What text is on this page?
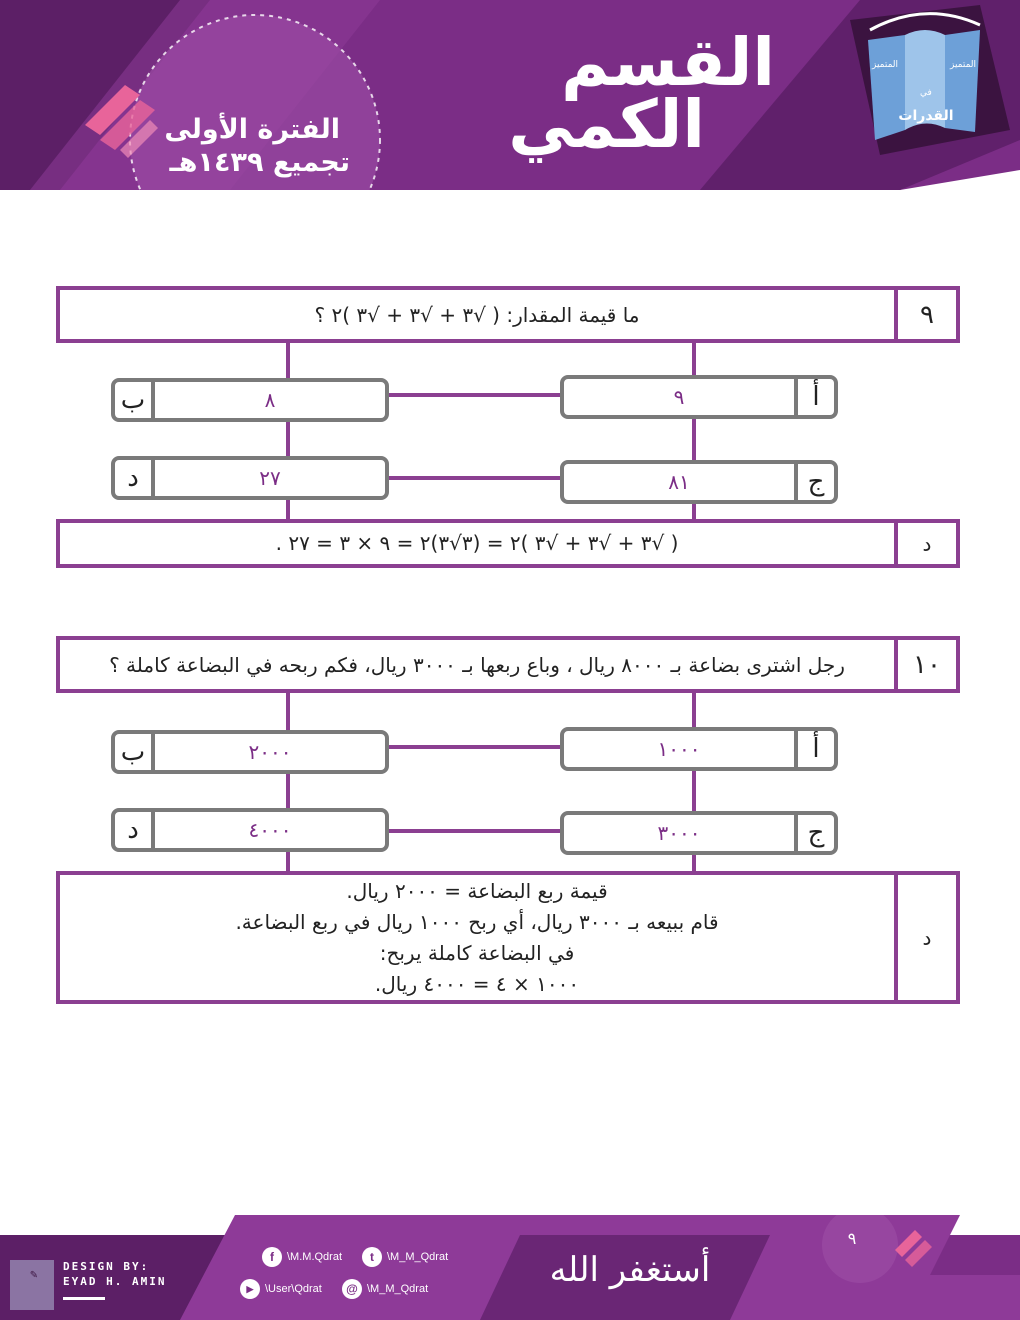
القسم
الكمي
الفترة الأولى
تجميع ١٤٣٩هـ
القدرات
المتميز
في
المتميز
ما قيمة المقدار: ( √٣ + √٣ + √٣ )٢ ؟	٩
٩	أ
ب	٨
٨١	ج
د	٢٧
( √٣ + √٣ + √٣ )٢ = (٣√٣)٢ = ٩ × ٣ = ٢٧ .	د
رجل اشترى بضاعة بـ ٨٠٠٠ ريال ، وباع ربعها بـ ٣٠٠٠ ريال، فكم ربحه في البضاعة كاملة ؟	١٠
١٠٠٠	أ
ب	٢٠٠٠
٣٠٠٠	ج
د	٤٠٠٠
قيمة ربع البضاعة = ٢٠٠٠ ريال.
قام ببيعه بـ ٣٠٠٠ ريال، أي ربح ١٠٠٠ ريال في ربع البضاعة.
في البضاعة كاملة يربح:
١٠٠٠ × ٤ = ٤٠٠٠ ريال.
د
DESIGN BY:
EYAD H. AMIN
✎
f	\M.M.Qdrat	t	\M_M_Qdrat
▶	\User\Qdrat	@ \M_M_Qdrat	أستغفر الله
٩
